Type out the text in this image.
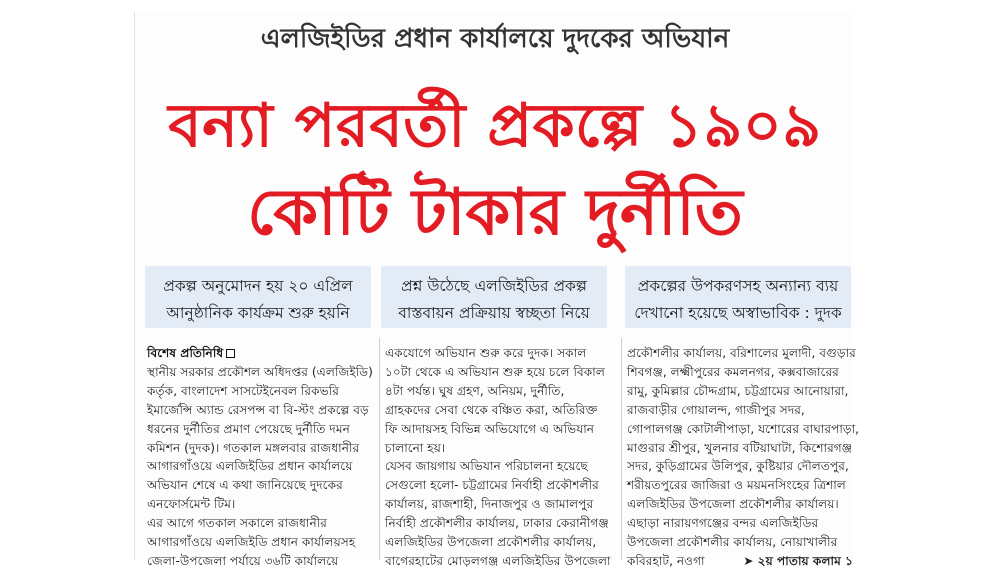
এলজিইডির প্রধান কার্যালয়ে দুদকের অভিযান
বন্যা পরবর্তী প্রকল্পে ১৯০৯
কোটি টাকার দুর্নীতি
প্রকল্প অনুমোদন হয় ২০ এপ্রিল
আনুষ্ঠানিক কার্যক্রম শুরু হয়নি
প্রশ্ন উঠেছে এলজিইডির প্রকল্প
বাস্তবায়ন প্রক্রিয়ায় স্বচ্ছতা নিয়ে
প্রকল্পের উপকরণসহ অন্যান্য ব্যয়
দেখানো হয়েছে অস্বাভাবিক : দুদক

বিশেষ প্রতিনিধি

স্থানীয় সরকার প্রকৌশল অধিদপ্তর (এলজিইডি)

কর্তৃক, বাংলাদেশ সাসটেইনেবল রিকভরি

ইমার্জেন্সি অ্যান্ড রেসপন্স বা বি-স্টং প্রকল্পে বড়

ধরনের দুর্নীতির প্রমাণ পেয়েছে দুর্নীতি দমন

কমিশন (দুদক)। গতকাল মঙ্গলবার রাজধানীর

আগারগাঁওয়ে এলজিইডির প্রধান কার্যালয়ে

অভিযান শেষে এ কথা জানিয়েছে দুদকের

এনফোর্সমেন্ট টিম।

এর আগে গতকাল সকালে রাজধানীর

আগারগাঁওয়ে এলজিইডি প্রধান কার্যালয়সহ

জেলা-উপজেলা পর্যায়ে ৩৬টি কার্যালয়ে

একযোগে অভিযান শুরু করে দুদক। সকাল

১০টা থেকে এ অভিযান শুরু হয়ে চলে বিকাল

৪টা পর্যন্ত। ঘুষ গ্রহণ, অনিয়ম, দুর্নীতি,

গ্রাহকদের সেবা থেকে বঞ্চিত করা, অতিরিক্ত

ফি আদায়সহ বিভিন্ন অভিযোগে এ অভিযান

চালানো হয়।

যেসব জায়গায় অভিযান পরিচালনা হয়েছে

সেগুলো হলো- চট্টগ্রামের নির্বাহী প্রকৌশলীর

কার্যালয়, রাজশাহী, দিনাজপুর ও জামালপুর

নির্বাহী প্রকৌশলীর কার্যালয়, ঢাকার কেরানীগঞ্জ

এলজিইডির উপজেলা প্রকৌশলীর কার্যালয়,

বাগেরহাটের মোড়লগঞ্জ এলজিইডির উপজেলা

প্রকৌশলীর কার্যালয়, বরিশালের মুলাদী, বগুড়ার

শিবগঞ্জ, লক্ষ্মীপুরের কমলনগর, কক্সবাজারের

রামু, কুমিল্লার চৌদ্দগ্রাম, চট্টগ্রামের আনোয়ারা,

রাজবাড়ীর গোয়ালন্দ, গাজীপুর সদর,

গোপালগঞ্জ কোটালীপাড়া, যশোরের বাঘারপাড়া,

মাগুরার শ্রীপুর, খুলনার বটিয়াঘাটা, কিশোরগঞ্জ

সদর, কুড়িগ্রামের উলিপুর, কুষ্টিয়ার দৌলতপুর,

শরীয়তপুরের জাজিরা ও ময়মনসিংহের ত্রিশাল

এলজিইডির উপজেলা প্রকৌশলীর কার্যালয়।

এছাড়া নারায়ণগঞ্জের বন্দর এলজিইডির

উপজেলা প্রকৌশলীর কার্যালয়, নোয়াখালীর

কবিরহাট, নওগা	➤ ২য় পাতায় কলাম ১
